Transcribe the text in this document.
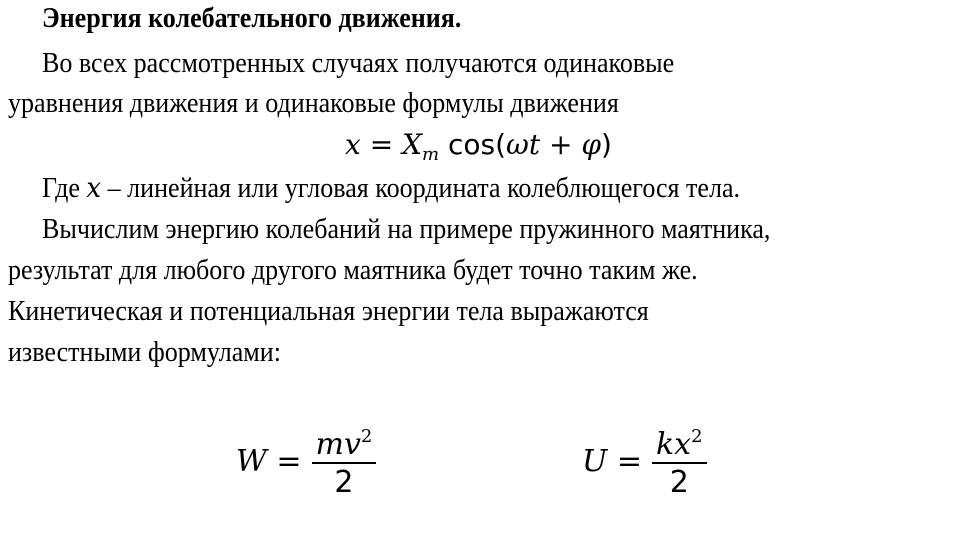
Энергия колебательного движения.
Во всех рассмотренных случаях получаются одинаковые
уравнения движения и одинаковые формулы движения
$x = X_m$ cos(ωt + φ)
Где x – линейная или угловая координата колеблющегося тела.
Вычислим энергию колебаний на примере пружинного маятника,
результат для любого другого маятника будет точно таким же.
Кинетическая и потенциальная энергии тела выражаются
известными формулами:
$W = \frac{mv^2}{2}$	$U = \frac{kx^2}{2}$
